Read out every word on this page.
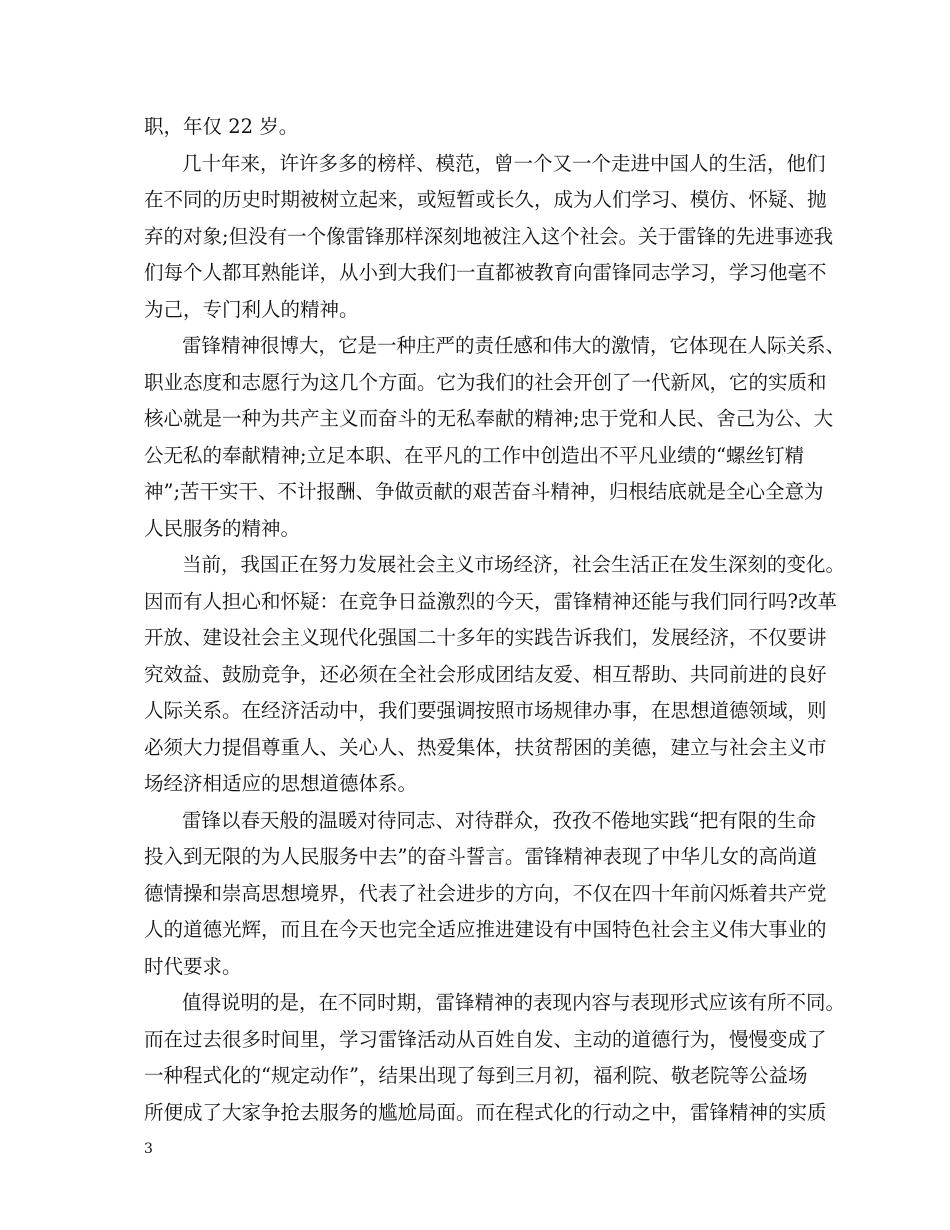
职，年仅 22 岁。
几十年来，许许多多的榜样、模范，曾一个又一个走进中国人的生活，他们
在不同的历史时期被树立起来，或短暂或长久，成为人们学习、模仿、怀疑、抛
弃的对象;但没有一个像雷锋那样深刻地被注入这个社会。关于雷锋的先进事迹我
们每个人都耳熟能详，从小到大我们一直都被教育向雷锋同志学习，学习他毫不
为己，专门利人的精神。
雷锋精神很博大，它是一种庄严的责任感和伟大的激情，它体现在人际关系、
职业态度和志愿行为这几个方面。它为我们的社会开创了一代新风，它的实质和
核心就是一种为共产主义而奋斗的无私奉献的精神;忠于党和人民、舍己为公、大
公无私的奉献精神;立足本职、在平凡的工作中创造出不平凡业绩的“螺丝钉精
神”;苦干实干、不计报酬、争做贡献的艰苦奋斗精神，归根结底就是全心全意为
人民服务的精神。
当前，我国正在努力发展社会主义市场经济，社会生活正在发生深刻的变化。
因而有人担心和怀疑：在竞争日益激烈的今天，雷锋精神还能与我们同行吗?改革
开放、建设社会主义现代化强国二十多年的实践告诉我们，发展经济，不仅要讲
究效益、鼓励竞争，还必须在全社会形成团结友爱、相互帮助、共同前进的良好
人际关系。在经济活动中，我们要强调按照市场规律办事，在思想道德领域，则
必须大力提倡尊重人、关心人、热爱集体，扶贫帮困的美德，建立与社会主义市
场经济相适应的思想道德体系。
雷锋以春天般的温暖对待同志、对待群众，孜孜不倦地实践“把有限的生命
投入到无限的为人民服务中去”的奋斗誓言。雷锋精神表现了中华儿女的高尚道
德情操和崇高思想境界，代表了社会进步的方向，不仅在四十年前闪烁着共产党
人的道德光辉，而且在今天也完全适应推进建设有中国特色社会主义伟大事业的
时代要求。
值得说明的是，在不同时期，雷锋精神的表现内容与表现形式应该有所不同。
而在过去很多时间里，学习雷锋活动从百姓自发、主动的道德行为，慢慢变成了
一种程式化的“规定动作”，结果出现了每到三月初，福利院、敬老院等公益场
所便成了大家争抢去服务的尴尬局面。而在程式化的行动之中，雷锋精神的实质
3
